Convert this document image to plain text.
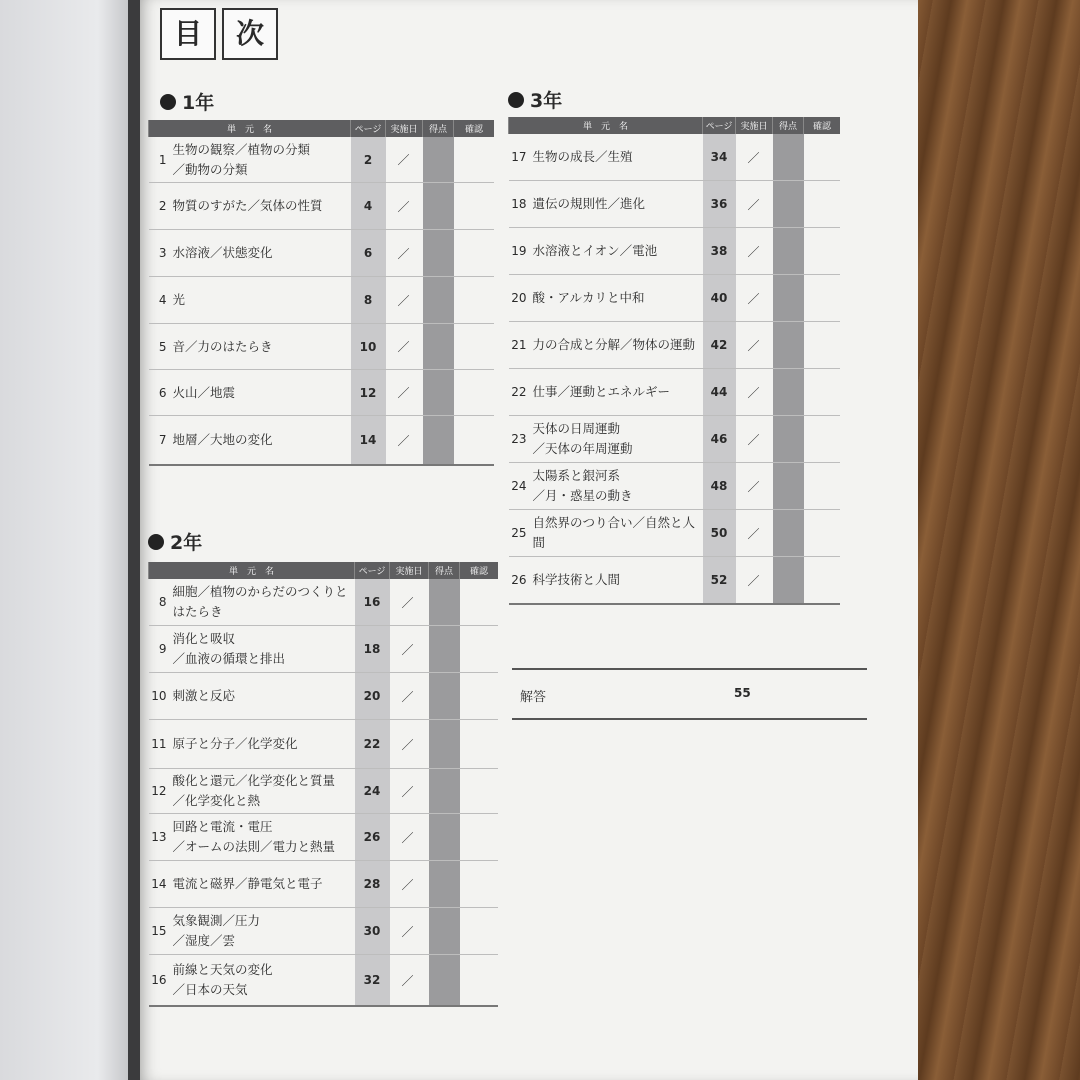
目	次
1年
単　元　名		ページ	実施日	得点	確認
1	生物の観察／植物の分類
／動物の分類	2	／		
2	物質のすがた／気体の性質	4	／		
3	水溶液／状態変化	6	／		
4	光	8	／		
5	音／力のはたらき	10	／		
6	火山／地震	12	／		
7	地層／大地の変化	14	／		
2年
単　元　名		ページ	実施日	得点	確認
8	細胞／植物のからだのつくりと
はたらき	16	／		
9	消化と吸収
／血液の循環と排出	18	／		
10	刺激と反応	20	／		
11	原子と分子／化学変化	22	／		
12	酸化と還元／化学変化と質量
／化学変化と熱	24	／		
13	回路と電流・電圧
／オームの法則／電力と熱量	26	／		
14	電流と磁界／静電気と電子	28	／		
15	気象観測／圧力
／湿度／雲	30	／		
16	前線と天気の変化
／日本の天気	32	／		
3年
単　元　名		ページ	実施日	得点	確認
17	生物の成長／生殖	34	／		
18	遺伝の規則性／進化	36	／		
19	水溶液とイオン／電池	38	／		
20	酸・アルカリと中和	40	／		
21	力の合成と分解／物体の運動	42	／		
22	仕事／運動とエネルギー	44	／		
23	天体の日周運動
／天体の年周運動	46	／		
24	太陽系と銀河系
／月・惑星の動き	48	／		
25	自然界のつり合い／自然と人間	50	／		
26	科学技術と人間	52	／		
解答	55
